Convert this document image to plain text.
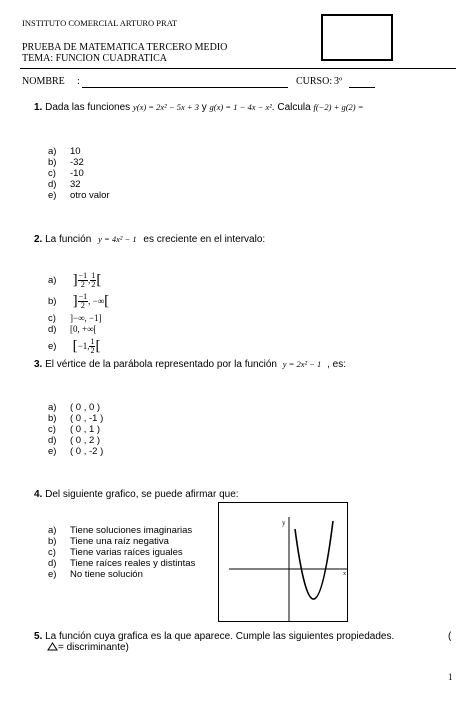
INSTITUTO COMERCIAL ARTURO PRAT
PRUEBA DE MATEMATICA TERCERO MEDIO
TEMA: FUNCION CUADRATICA
NOMBRE :	CURSO: 3º
1. Dada las funciones y(x) = 2x² − 5x + 3 y g(x) = 1 − 4x − x². Calcula f(−2) + g(2) =
a) 10
b) -32
c) -10
d) 32
e) otro valor
2. La función y = 4x² − 1 es creciente en el intervalo:
a) ] $\frac{-1}{2}$ , $\frac{1}{2}$ [
b) ] $\frac{-1}{2}$ , −∞[
c) ]−∞, −1]
d) [0, +∞[
e) [−1, $\frac{1}{2}$ [
3. El vértice de la parábola representado por la función y = 2x² − 1 , es:
a) ( 0 , 0 )
b) ( 0 , -1 )
c) ( 0 , 1 )
d) ( 0 , 2 )
e) ( 0 , -2 )
4. Del siguiente grafico, se puede afirmar que:
a) Tiene soluciones imaginarias
b) Tiene una raíz negativa
c) Tiene varias raíces iguales
d) Tiene raíces reales y distintas
e) No tiene solución
y
x
5. La función cuya grafica es la que aparece. Cumple las siguientes propiedades.	(
= discriminante)
1
